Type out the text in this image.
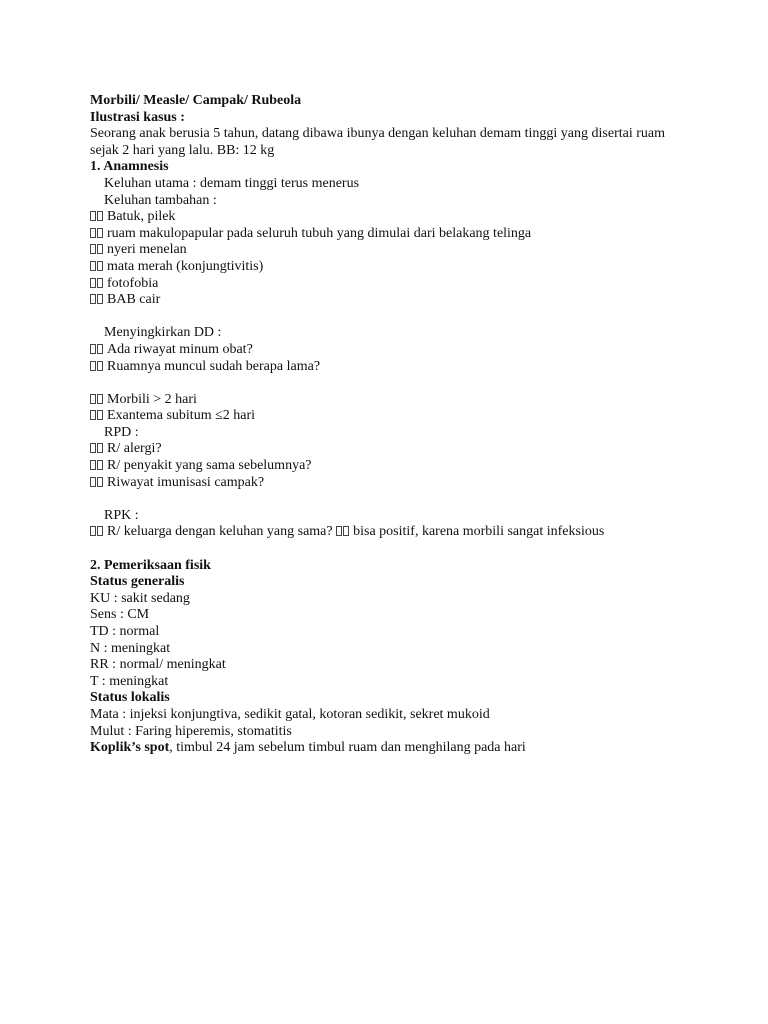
Morbili/ Measle/ Campak/ Rubeola
Ilustrasi kasus :
Seorang anak berusia 5 tahun, datang dibawa ibunya dengan keluhan demam tinggi yang disertai ruam
sejak 2 hari yang lalu. BB: 12 kg
1. Anamnesis
Keluhan utama : demam tinggi terus menerus
Keluhan tambahan :
Batuk, pilek
ruam makulopapular pada seluruh tubuh yang dimulai dari belakang telinga
nyeri menelan
mata merah (konjungtivitis)
fotofobia
BAB cair
Menyingkirkan DD :
Ada riwayat minum obat?
Ruamnya muncul sudah berapa lama?
Morbili > 2 hari
Exantema subitum ≤2 hari
RPD :
R/ alergi?
R/ penyakit yang sama sebelumnya?
Riwayat imunisasi campak?
RPK :
R/ keluarga dengan keluhan yang sama? bisa positif, karena morbili sangat infeksious
2. Pemeriksaan fisik
Status generalis
KU : sakit sedang
Sens : CM
TD : normal
N : meningkat
RR : normal/ meningkat
T : meningkat
Status lokalis
Mata : injeksi konjungtiva, sedikit gatal, kotoran sedikit, sekret mukoid
Mulut : Faring hiperemis, stomatitis
Koplik’s spot, timbul 24 jam sebelum timbul ruam dan menghilang pada hari
